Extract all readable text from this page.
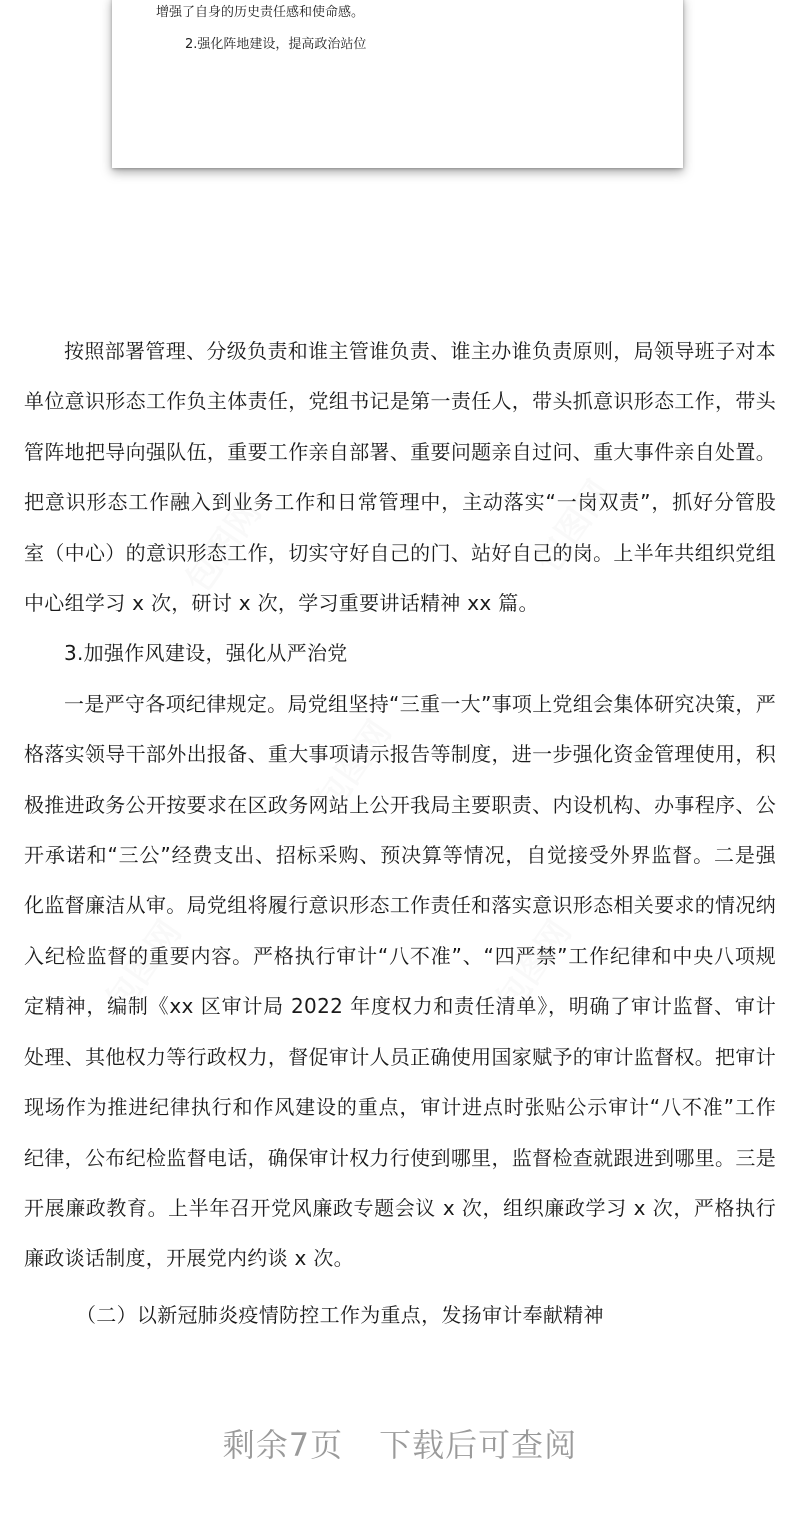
增强了自身的历史责任感和使命感。
2.强化阵地建设，提高政治站位
包图网	包图网
包图网
包图网	包图网

按照部署管理、分级负责和谁主管谁负责、谁主办谁负责原则，局领导班子对本单位意识形态工作负主体责任，党组书记是第一责任人，带头抓意识形态工作，带头管阵地把导向强队伍，重要工作亲自部署、重要问题亲自过问、重大事件亲自处置。把意识形态工作融入到业务工作和日常管理中，主动落实“一岗双责”，抓好分管股室（中心）的意识形态工作，切实守好自己的门、站好自己的岗。上半年共组织党组中心组学习 x 次，研讨 x 次，学习重要讲话精神 xx 篇。

3.加强作风建设，强化从严治党

一是严守各项纪律规定。局党组坚持“三重一大”事项上党组会集体研究决策，严格落实领导干部外出报备、重大事项请示报告等制度，进一步强化资金管理使用，积极推进政务公开按要求在区政务网站上公开我局主要职责、内设机构、办事程序、公开承诺和“三公”经费支出、招标采购、预决算等情况，自觉接受外界监督。二是强化监督廉洁从审。局党组将履行意识形态工作责任和落实意识形态相关要求的情况纳入纪检监督的重要内容。严格执行审计“八不准”、“四严禁”工作纪律和中央八项规定精神，编制《xx 区审计局 2022 年度权力和责任清单》，明确了审计监督、审计处理、其他权力等行政权力，督促审计人员正确使用国家赋予的审计监督权。把审计现场作为推进纪律执行和作风建设的重点，审计进点时张贴公示审计“八不准”工作纪律，公布纪检监督电话，确保审计权力行使到哪里，监督检查就跟进到哪里。三是开展廉政教育。上半年召开党风廉政专题会议 x 次，组织廉政学习 x 次，严格执行廉政谈话制度，开展党内约谈 x 次。

（二）以新冠肺炎疫情防控工作为重点，发扬审计奉献精神

剩余7页 下载后可查阅
